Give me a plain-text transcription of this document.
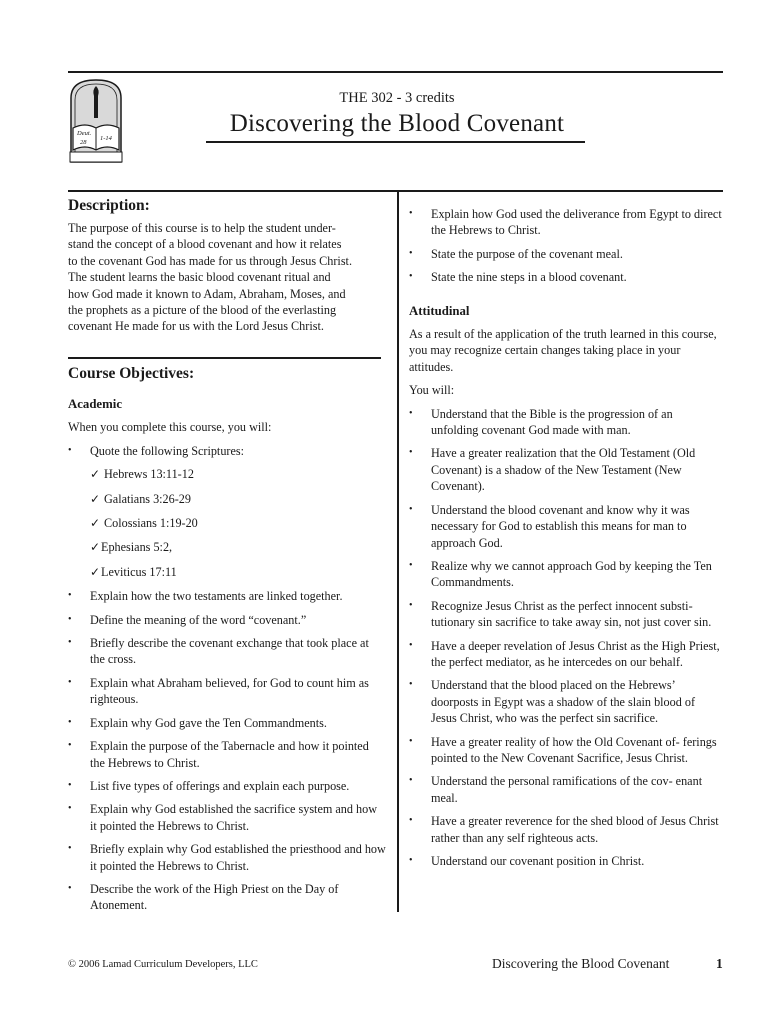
Deut.
28
1-14
THE 302 - 3 credits
Discovering the Blood Covenant
Description:
The purpose of this course is to help the student under-
stand the concept of a blood covenant and how it relates
to the covenant God has made for us through Jesus Christ.
The student learns the basic blood covenant ritual and
how God made it known to Adam, Abraham, Moses, and
the prophets as a picture of the blood of the everlasting
covenant He made for us with the Lord Jesus Christ.
Course Objectives:
Academic

When you complete this course, you will:

• Quote the following Scriptures:
✓ Hebrews 13:11-12
✓ Galatians 3:26-29
✓ Colossians 1:19-20
✓Ephesians 5:2,
✓Leviticus 17:11
• Explain how the two testaments are linked together.
• Define the meaning of the word “covenant.”
• Briefly describe the covenant exchange that took place at the cross.
• Explain what Abraham believed, for God to count him as righteous.
• Explain why God gave the Ten Commandments.
• Explain the purpose of the Tabernacle and how it pointed the Hebrews to Christ.
• List five types of offerings and explain each purpose.
• Explain why God established the sacrifice system and how it pointed the Hebrews to Christ.
• Briefly explain why God established the priesthood and how it pointed the Hebrews to Christ.
• Describe the work of the High Priest on the Day of Atonement.
• Explain how God used the deliverance from Egypt to direct the Hebrews to Christ.
• State the purpose of the covenant meal.
• State the nine steps in a blood covenant.
Attitudinal

As a result of the application of the truth learned in this course, you may recognize certain changes taking place in your attitudes.

You will:

• Understand that the Bible is the progression of an unfolding covenant God made with man.
• Have a greater realization that the Old Testament (Old Covenant) is a shadow of the New Testament (New Covenant).
• Understand the blood covenant and know why it was necessary for God to establish this means for man to approach God.
• Realize why we cannot approach God by keeping the Ten Commandments.
• Recognize Jesus Christ as the perfect innocent substi- tutionary sin sacrifice to take away sin, not just cover sin.
• Have a deeper revelation of Jesus Christ as the High Priest, the perfect mediator, as he intercedes on our behalf.
• Understand that the blood placed on the Hebrews’ doorposts in Egypt was a shadow of the slain blood of Jesus Christ, who was the perfect sin sacrifice.
• Have a greater reality of how the Old Covenant of- ferings pointed to the New Covenant Sacrifice, Jesus Christ.
• Understand the personal ramifications of the cov- enant meal.
• Have a greater reverence for the shed blood of Jesus Christ rather than any self righteous acts.
• Understand our covenant position in Christ.
© 2006 Lamad Curriculum Developers, LLC	Discovering the Blood Covenant	1
